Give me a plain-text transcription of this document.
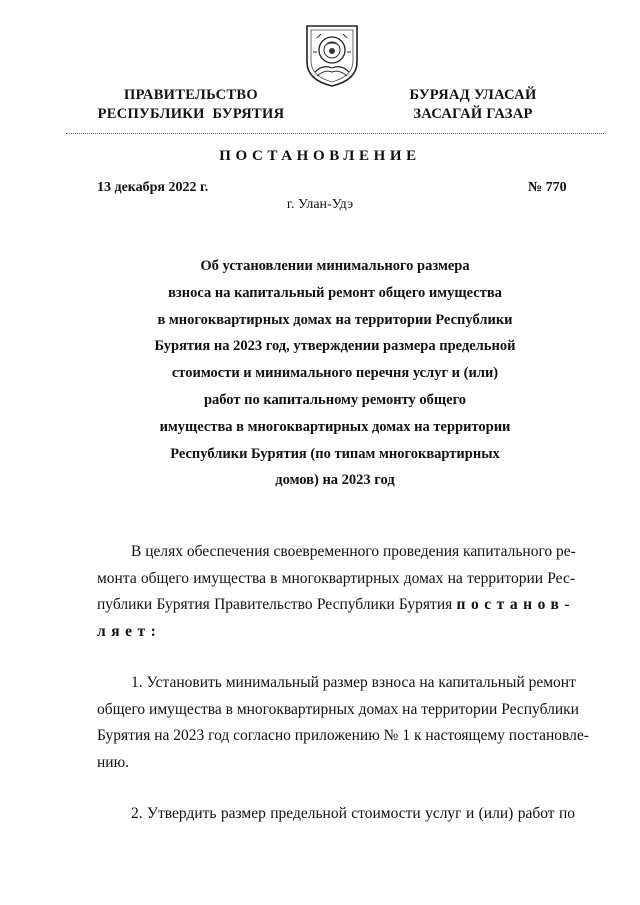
ПРАВИТЕЛЬСТВО
РЕСПУБЛИКИ  БУРЯТИЯ
БУРЯАД УЛАСАЙ
ЗАСАГАЙ ГАЗАР
ПОСТАНОВЛЕНИЕ
13 декабря 2022 г.	№ 770
г. Улан-Удэ
Об установлении минимального размера
взноса на капитальный ремонт общего имущества
в многоквартирных домах на территории Республики
Бурятия на 2023 год, утверждении размера предельной
стоимости и минимального перечня услуг и (или)
работ по капитальному ремонту общего
имущества в многоквартирных домах на территории
Республики Бурятия (по типам многоквартирных
домов) на 2023 год
В целях обеспечения своевременного проведения капитального ре-
монта общего имущества в многоквартирных домах на территории Рес-
публики Бурятия Правительство Республики Бурятия постанов-
ляет:
1. Установить минимальный размер взноса на капитальный ремонт
общего имущества в многоквартирных домах на территории Республики
Бурятия на 2023 год согласно приложению № 1 к настоящему постановле-
нию.
2. Утвердить размер предельной стоимости услуг и (или) работ по
